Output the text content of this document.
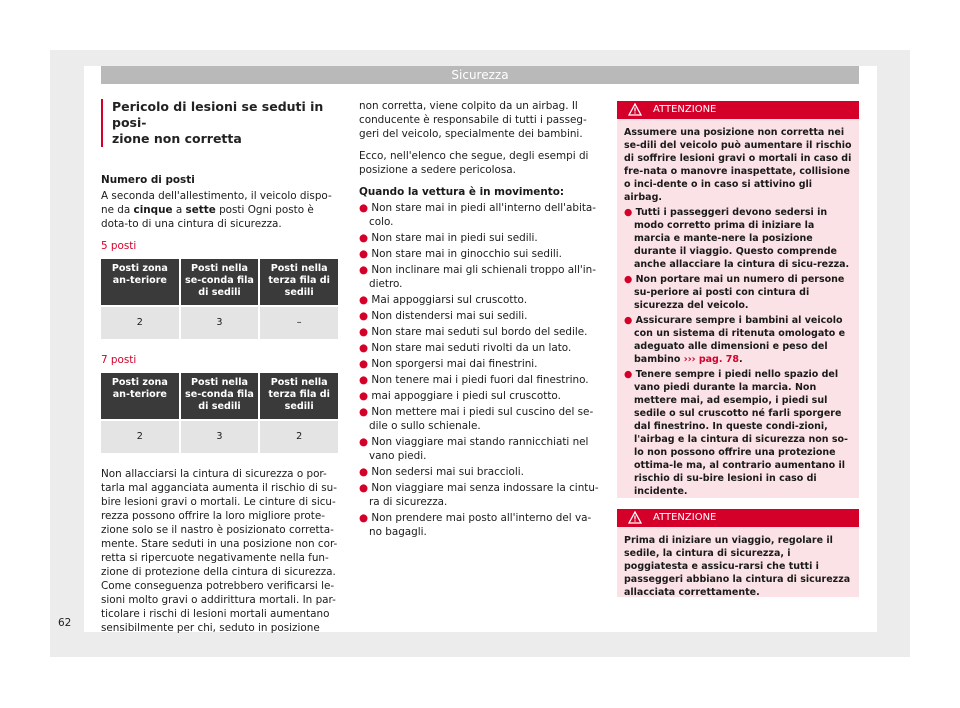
Sicurezza
Pericolo di lesioni se seduti in posi-
zione non corretta

Numero di posti

A seconda dell'allestimento, il veicolo dispo-ne da cinque a sette posti Ogni posto è dota-to di una cintura di sicurezza.

5 posti

Posti zona an-teriore	Posti nella se-conda fila di sedili	Posti nella terza fila di sedili
2	3	–

7 posti

Posti zona an-teriore	Posti nella se-conda fila di sedili	Posti nella terza fila di sedili
2	3	2

Non allacciarsi la cintura di sicurezza o por-tarla mal agganciata aumenta il rischio di su-bire lesioni gravi o mortali. Le cinture di sicu-rezza possono offrire la loro migliore prote-zione solo se il nastro è posizionato corretta-mente. Stare seduti in una posizione non cor-retta si ripercuote negativamente nella fun-zione di protezione della cintura di sicurezza. Come conseguenza potrebbero verificarsi le-sioni molto gravi o addirittura mortali. In par-ticolare i rischi di lesioni mortali aumentano sensibilmente per chi, seduto in posizione

non corretta, viene colpito da un airbag. Il conducente è responsabile di tutti i passeg-geri del veicolo, specialmente dei bambini.

Ecco, nell'elenco che segue, degli esempi di posizione a sedere pericolosa.

Quando la vettura è in movimento:

● Non stare mai in piedi all'interno dell'abita-colo.

● Non stare mai in piedi sui sedili.

● Non stare mai in ginocchio sui sedili.

● Non inclinare mai gli schienali troppo all'in-dietro.

● Mai appoggiarsi sul cruscotto.

● Non distendersi mai sui sedili.

● Non stare mai seduti sul bordo del sedile.

● Non stare mai seduti rivolti da un lato.

● Non sporgersi mai dai finestrini.

● Non tenere mai i piedi fuori dal finestrino.

● mai appoggiare i piedi sul cruscotto.

● Non mettere mai i piedi sul cuscino del se-dile o sullo schienale.

● Non viaggiare mai stando rannicchiati nel vano piedi.

● Non sedersi mai sui braccioli.

● Non viaggiare mai senza indossare la cintu-ra di sicurezza.

● Non prendere mai posto all'interno del va-no bagagli.

ATTENZIONE

Assumere una posizione non corretta nei se-dili del veicolo può aumentare il rischio di soffrire lesioni gravi o mortali in caso di fre-nata o manovre inaspettate, collisione o inci-dente o in caso si attivino gli airbag.

● Tutti i passeggeri devono sedersi in modo corretto prima di iniziare la marcia e mante-nere la posizione durante il viaggio. Questo comprende anche allacciare la cintura di sicu-rezza.

● Non portare mai un numero di persone su-periore ai posti con cintura di sicurezza del veicolo.

● Assicurare sempre i bambini al veicolo con un sistema di ritenuta omologato e adeguato alle dimensioni e peso del bambino ››› pag. 78.

● Tenere sempre i piedi nello spazio del vano piedi durante la marcia. Non mettere mai, ad esempio, i piedi sul sedile o sul cruscotto né farli sporgere dal finestrino. In queste condi-zioni, l'airbag e la cintura di sicurezza non so-lo non possono offrire una protezione ottima-le ma, al contrario aumentano il rischio di su-bire lesioni in caso di incidente.

ATTENZIONE

Prima di iniziare un viaggio, regolare il sedile, la cintura di sicurezza, i poggiatesta e assicu-rarsi che tutti i passeggeri abbiano la cintura di sicurezza allacciata correttamente.

62
